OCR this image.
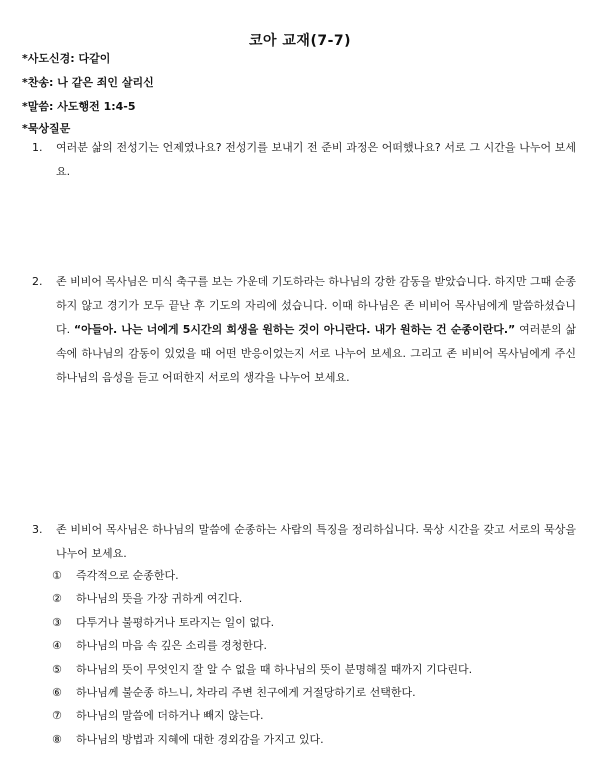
코아 교재(7-7)
*사도신경: 다같이
*찬송: 나 같은 죄인 살리신
*말씀: 사도행전 1:4-5
*묵상질문
1.	여러분 삶의 전성기는 언제였나요? 전성기를 보내기 전 준비 과정은 어떠했나요? 서로 그 시간을 나누어 보세요.
2.	존 비비어 목사님은 미식 축구를 보는 가운데 기도하라는 하나님의 강한 감동을 받았습니다. 하지만 그때 순종하지 않고 경기가 모두 끝난 후 기도의 자리에 섰습니다. 이때 하나님은 존 비비어 목사님에게 말씀하셨습니다. “아들아. 나는 너에게 5시간의 희생을 원하는 것이 아니란다. 내가 원하는 건 순종이란다.” 여러분의 삶 속에 하나님의 감동이 있었을 때 어떤 반응이었는지 서로 나누어 보세요. 그리고 존 비비어 목사님에게 주신 하나님의 음성을 듣고 어떠한지 서로의 생각을 나누어 보세요.
3.	존 비비어 목사님은 하나님의 말씀에 순종하는 사람의 특징을 정리하십니다. 묵상 시간을 갖고 서로의 묵상을 나누어 보세요.
①	즉각적으로 순종한다.
②	하나님의 뜻을 가장 귀하게 여긴다.
③	다투거나 불평하거나 토라지는 일이 없다.
④	하나님의 마음 속 깊은 소리를 경청한다.
⑤	하나님의 뜻이 무엇인지 잘 알 수 없을 때 하나님의 뜻이 분명해질 때까지 기다린다.
⑥	하나님께 불순종 하느니, 차라리 주변 친구에게 거절당하기로 선택한다.
⑦	하나님의 말씀에 더하거나 빼지 않는다.
⑧	하나님의 방법과 지혜에 대한 경외감을 가지고 있다.
